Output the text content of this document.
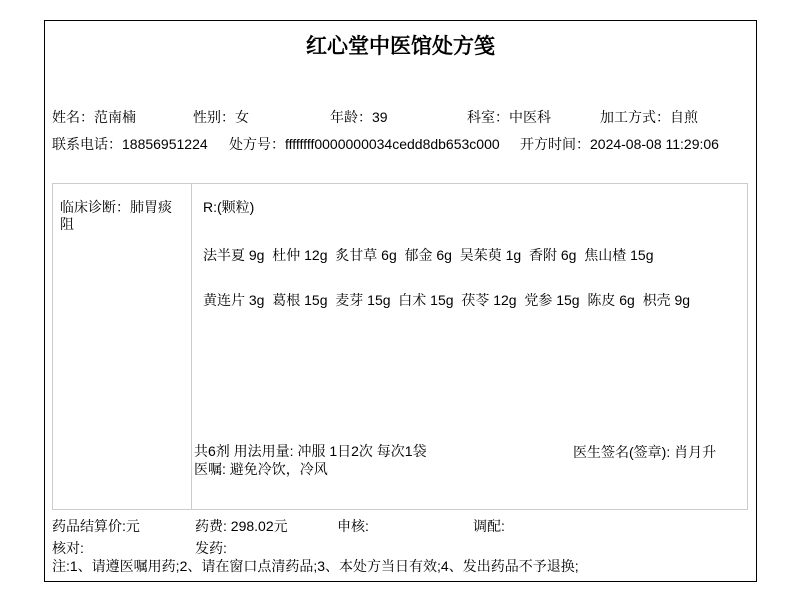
红心堂中医馆处方笺
姓名：范南楠	性别：女	年龄：39	科室：中医科	加工方式：自煎
联系电话：18856951224 处方号：ffffffff0000000034cedd8db653c000 开方时间：2024-08-08 11:29:06
临床诊断：肺胃痰阻
R:(颗粒)
法半夏 9g  杜仲 12g  炙甘草 6g  郁金 6g  吴茱萸 1g  香附 6g  焦山楂 15g
黄连片 3g  葛根 15g  麦芽 15g  白术 15g  茯苓 12g  党参 15g  陈皮 6g  枳壳 9g
共6剂 用法用量: 冲服 1日2次 每次1袋
医嘱: 避免冷饮，冷风
医生签名(签章): 肖月升
药品结算价:元	药费: 298.02元	申核:	调配:
核对:	发药:
注:1、请遵医嘱用药;2、请在窗口点清药品;3、本处方当日有效;4、发出药品不予退换;
